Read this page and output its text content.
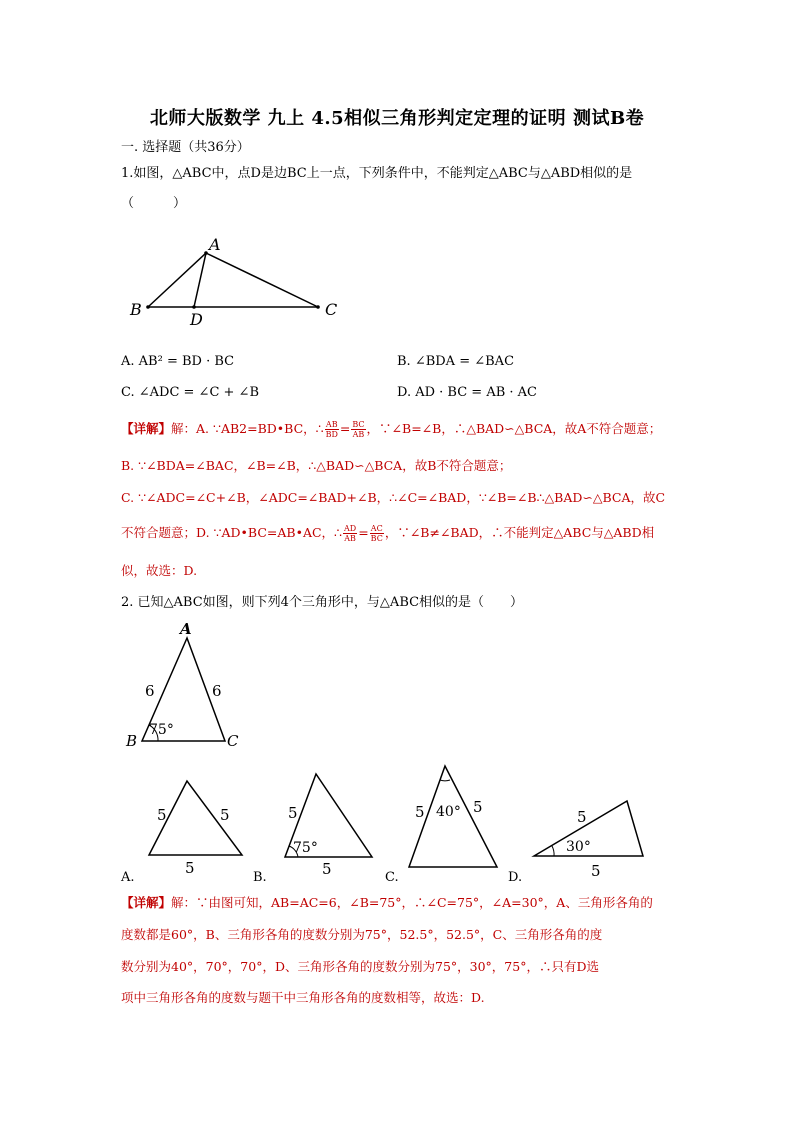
北师大版数学 九上 4.5相似三角形判定定理的证明 测试B卷
一. 选择题（共36分）
1.如图，△ABC中，点D是边BC上一点，下列条件中，不能判定△ABC与△ABD相似的是
（　　　）
A
B	C
D
A. AB² = BD · BC	B. ∠BDA = ∠BAC
C. ∠ADC = ∠C + ∠B	D. AD · BC = AB · AC
【详解】解：A. ∵AB2=BD•BC，∴ $\frac{AB}{BD} = \frac{BC}{AB}$ ，∵∠B=∠B，∴△BAD∽△BCA，故A不符合题意；
B. ∵∠BDA=∠BAC，∠B=∠B，∴△BAD∽△BCA，故B不符合题意；
C. ∵∠ADC=∠C+∠B，∠ADC=∠BAD+∠B，∴∠C=∠BAD，∵∠B=∠B∴△BAD∽△BCA，故C
不符合题意；D. ∵AD•BC=AB•AC，∴ $\frac{AD}{AB} = \frac{AC}{BC}$ ，∵∠B≠∠BAD，∴不能判定△ABC与△ABD相
似，故选：D.
2. 已知△ABC如图，则下列4个三角形中，与△ABC相似的是（　　）
A
B	C
6	6
75°
5	5
5
A.
5
5
75°
B.
5	5
40°
C.
5
5
30°
D.
【详解】解：∵由图可知，AB=AC=6，∠B=75°，∴∠C=75°，∠A=30°，A、三角形各角的
度数都是60°，B、三角形各角的度数分别为75°，52.5°，52.5°，C、三角形各角的度
数分别为40°，70°，70°，D、三角形各角的度数分别为75°，30°，75°，∴只有D选
项中三角形各角的度数与题干中三角形各角的度数相等，故选：D.
